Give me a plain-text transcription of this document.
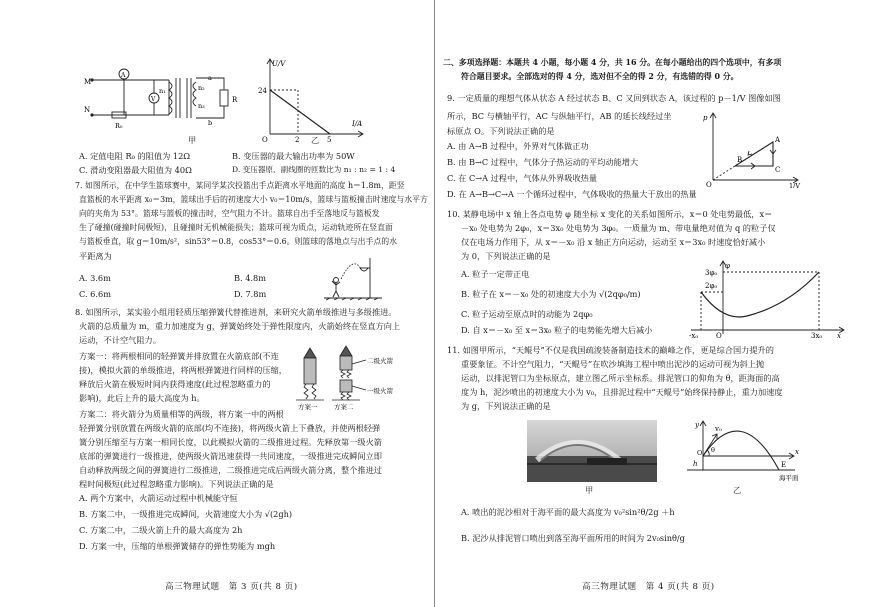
M
N
A
V
R₀
n₁	n₂
n₃
a
b
R
甲
U/V
I/A
24
O	2	5
乙
A. 定值电阻 R₀ 的阻值为 12Ω	B. 变压器的最大输出功率为 50W
C. 滑动变阻器最大阻值为 40Ω	D. 变压器原、副线圈的匝数比为 n₁ : n₂ = 1 : 4
7. 如图所示，在中学生篮球赛中，某同学某次投篮出手点距离水平地面的高度 h＝1.8m，距竖
直篮板的水平距离 x₀＝3m，篮球出手后的初速度大小 v₀＝10m/s，篮球与篮板撞击时速度与水平方
向的夹角为 53°。篮球与篮板的撞击时，空气阻力不计。篮球自出手至落地反与篮板发
生了碰撞(碰撞时间极短)，且碰撞时无机械能损失；篮球可视为质点，运动轨迹所在竖直面
与篮板垂直，取 g＝10m/s²，sin53°＝0.8，cos53°＝0.6。则篮球的落地点与出手点的水
平距离为
A. 3.6m	B. 4.8m
C. 6.6m	D. 7.8m
8. 如图所示，某实验小组用轻质压缩弹簧代替推进剂，来研究火箭单级推进与多级推进。
火箭的总质量为 m，重力加速度为 g，弹簧始终处于弹性限度内，火箭始终在竖直方向上
运动，不计空气阻力。
方案一：将两根相同的轻弹簧并排放置在火箭底部(不连
接)，模拟火箭的单级推进，将两根弹簧进行同样的压缩，
释放后火箭在极短时间内获得速度(此过程忽略重力的
影响)，此后上升的最大高度为 h。
方案二：将火箭分为质量相等的两级，将方案一中的两根
轻弹簧分别放置在两级火箭的底部(均不连接)，将两级火箭上下叠放，并使两根轻弹
簧分别压缩至与方案一相同长度，以此模拟火箭的二级推进过程。先释放第一级火箭
底部的弹簧进行一级推进，使两级火箭迅速获得一共同速度，一级推进完成瞬间立即
自动释放两级之间的弹簧进行二级推进，二级推进完成后两级火箭分离，整个推进过
程时间极短(此过程忽略重力影响)。下列说法正确的是
A. 两个方案中，火箭运动过程中机械能守恒
B. 方案二中，一级推进完成瞬间，火箭速度大小为 √(2gh)
C. 方案二中，二级火箭上升的最大高度为 2h
D. 方案一中，压缩的单根弹簧储存的弹性势能为 mgh
二级火箭
一级火箭
方案一	方案二
高三物理试题　第 3 页(共 8 页)
二、多项选择题：本题共 4 小题，每小题 4 分，共 16 分。在每小题给出的四个选项中，有多项
符合题目要求。全部选对的得 4 分，选对但不全的得 2 分，有选错的得 0 分。
9. 一定质量的理想气体从状态 A 经过状态 B、C 又回到状态 A，该过程的 p－1/V 图像如图
所示，BC 与横轴平行，AC 与纵轴平行，AB 的延长线经过坐
标原点 O。下列说法正确的是
A. 由 A→B 过程中，外界对气体做正功
B. 由 B→C 过程中，气体分子热运动的平均动能增大
C. 在 C→A 过程中，气体从外界吸收热量
D. 在 A→B→C→A 一个循环过程中，气体吸收的热量大于放出的热量
p
O
A
B
C
1/V
10. 某静电场中 x 轴上各点电势 φ 随坐标 x 变化的关系如图所示，x＝0 处电势最低，x＝
－x₀ 处电势为 2φ₀，x＝3x₀ 处电势为 3φ₀。一质量为 m、带电量绝对值为 q 的粒子仅
仅在电场力作用下，从 x＝－x₀ 沿 x 轴正方向运动，运动至 x＝3x₀ 时速度恰好减小
为 0，下列说法正确的是
A. 粒子一定带正电
B. 粒子在 x＝－x₀ 处的初速度大小为 √(2qφ₀/m)
C. 粒子运动至原点时的动能为 2qφ₀
D. 自 x＝－x₀ 至 x＝3x₀ 粒子的电势能先增大后减小
φ
3φ₀
2φ₀
-x₀	O	3x₀ x
11. 如图甲所示，“天鲲号”不仅是我国疏浚装备制造技术的巅峰之作，更是综合国力提升的
重要象征。不计空气阻力，“天鲲号”在吹沙填海工程中喷出泥沙的运动可视为斜上抛
运动，以排泥管口为坐标原点，建立图乙所示坐标系。排泥管口的仰角为 θ，距海面的高
度为 h，泥沙喷出的初速度大小为 v₀，且排泥过程中“天鲲号”始终保持静止，重力加速度
为 g，下列说法正确的是
甲
y v₀
θ
h
O
E
x
海平面
乙
A. 喷出的泥沙相对于海平面的最大高度为 v₀²sin²θ/2g ＋h
B. 泥沙从排泥管口喷出到落至海平面所用的时间为 2v₀sinθ/g
高三物理试题　第 4 页(共 8 页)
